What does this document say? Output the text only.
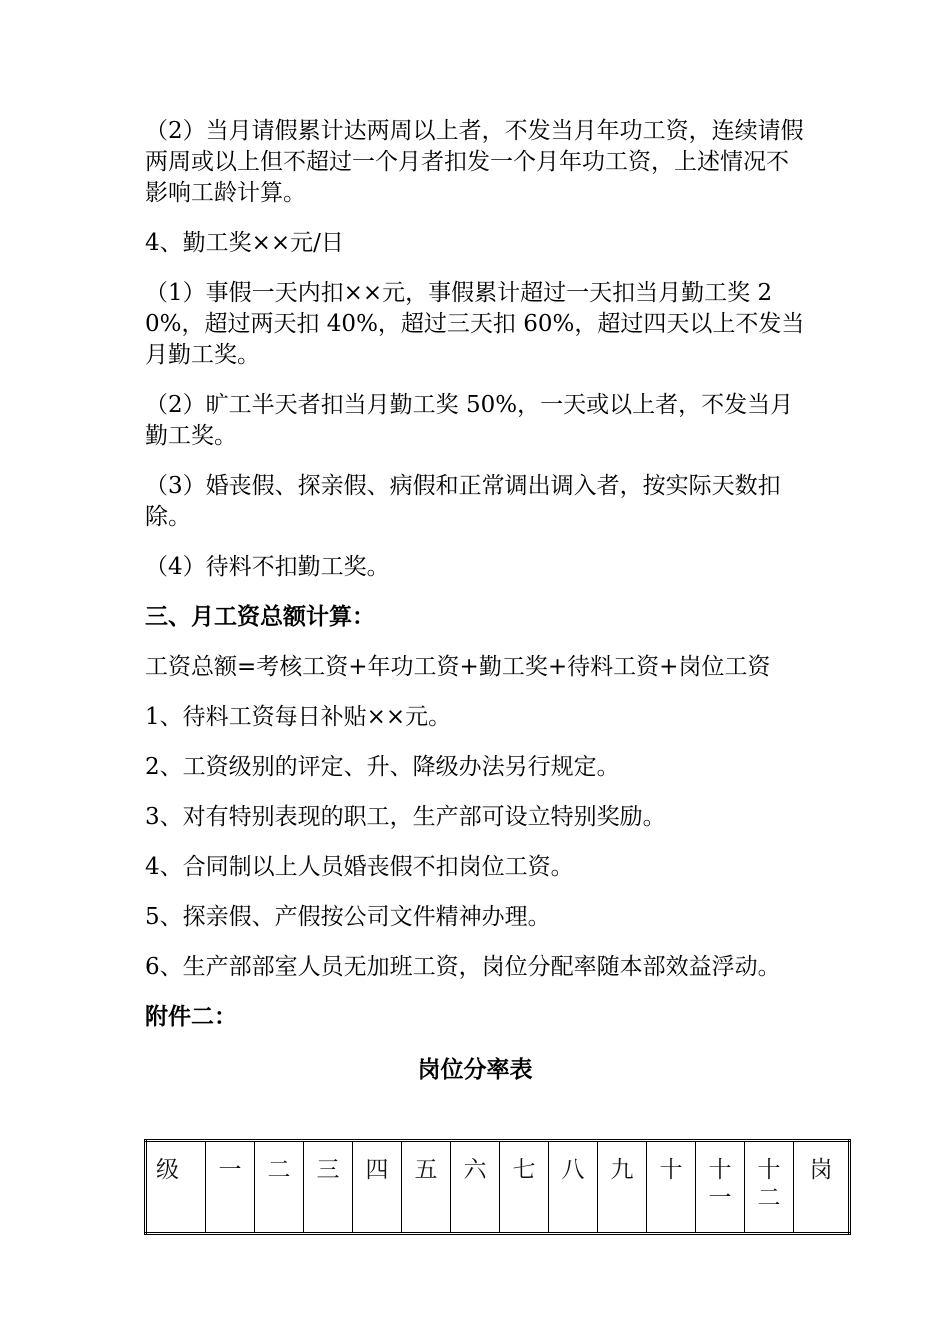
（2）当月请假累计达两周以上者，不发当月年功工资，连续请假两周或以上但不超过一个月者扣发一个月年功工资，上述情况不影响工龄计算。

4、勤工奖××元/日

（1）事假一天内扣××元，事假累计超过一天扣当月勤工奖 20%，超过两天扣 40%，超过三天扣 60%，超过四天以上不发当月勤工奖。

（2）旷工半天者扣当月勤工奖 50%，一天或以上者，不发当月勤工奖。

（3）婚丧假、探亲假、病假和正常调出调入者，按实际天数扣除。

（4）待料不扣勤工奖。

三、月工资总额计算：

工资总额=考核工资+年功工资+勤工奖+待料工资+岗位工资

1、待料工资每日补贴××元。

2、工资级别的评定、升、降级办法另行规定。

3、对有特别表现的职工，生产部可设立特别奖励。

4、合同制以上人员婚丧假不扣岗位工资。

5、探亲假、产假按公司文件精神办理。

6、生产部部室人员无加班工资，岗位分配率随本部效益浮动。

附件二：
岗位分率表
级	一	二	三	四	五	六	七	八	九	十	十一	十二	岗
